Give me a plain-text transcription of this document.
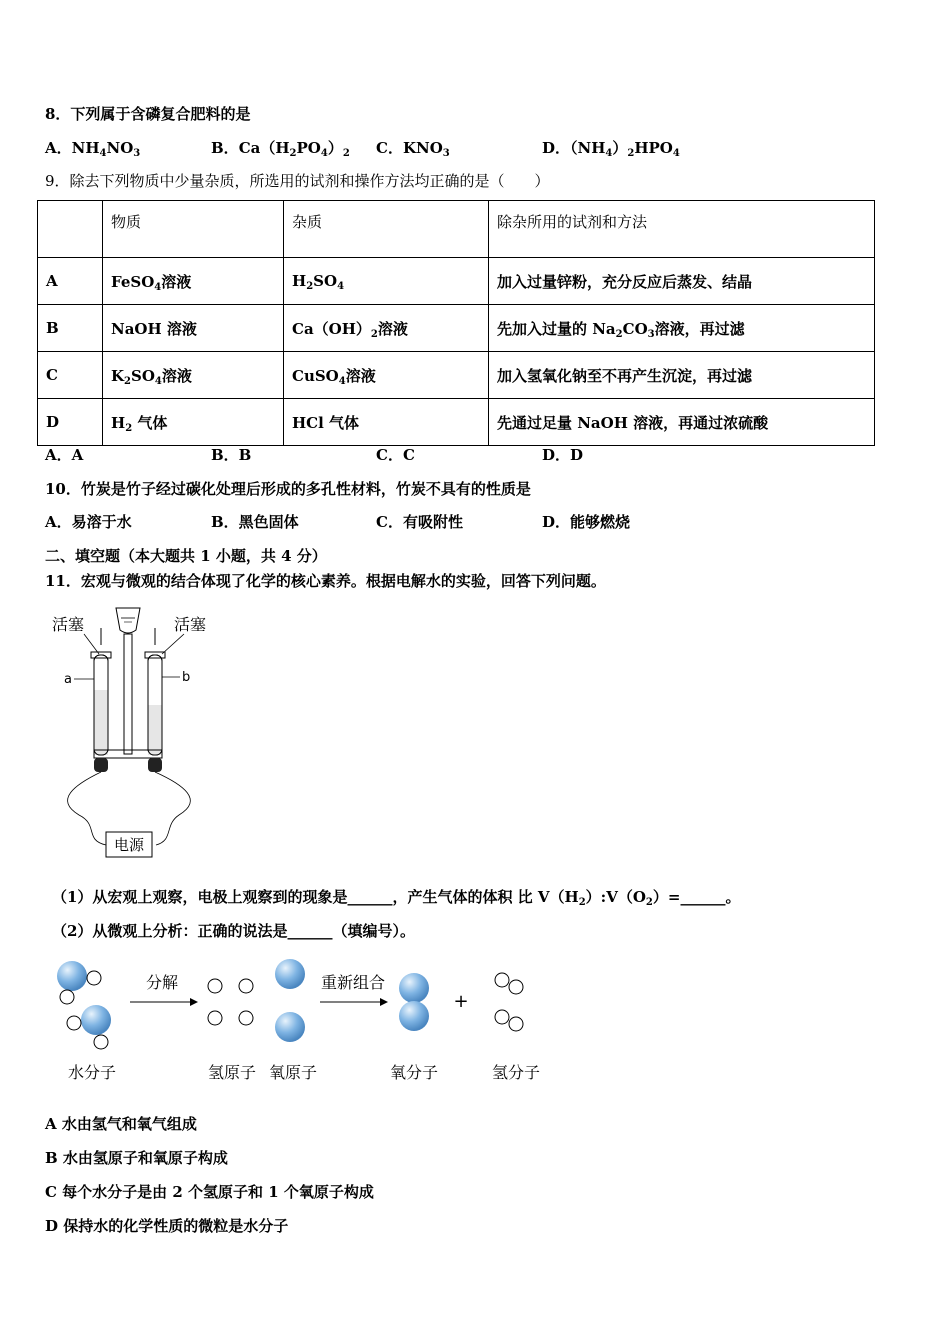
8．下列属于含磷复合肥料的是
A．$NH_4NO_3$	B．$Ca(H_2PO_4)_2$ C．$KNO_3$	D．$(NH_4)_2HPO_4$
9．除去下列物质中少量杂质，所选用的试剂和操作方法均正确的是（　　）
	物质	杂质	除杂所用的试剂和方法
A	FeSO$_4$溶液	$H_2SO_4$	加入过量锌粉，充分反应后蒸发、结晶
B	NaOH 溶液	$Ca(OH)_2$溶液	先加入过量的 $Na_2CO_3$溶液，再过滤
C	$K_2SO_4$溶液	CuSO$_4$溶液	加入氢氧化钠至不再产生沉淀，再过滤
D	$H_2$ 气体	HCl 气体	先通过足量 NaOH 溶液，再通过浓硫酸
A．A	B．B	C．C	D．D
10．竹炭是竹子经过碳化处理后形成的多孔性材料，竹炭不具有的性质是
A．易溶于水	B．黑色固体	C．有吸附性	D．能够燃烧
二、填空题（本大题共 1 小题，共 4 分）
11．宏观与微观的结合体现了化学的核心素养。根据电解水的实验，回答下列问题。
活塞	活塞
a	b
电源
（1）从宏观上观察，电极上观察到的现象是______，产生气体的体积 比 $V(H_2):V(O_2)=\_\_\_\_\_\_$。
（2）从微观上分析：正确的说法是______（填编号）。
分解	重新组合
+
水分子	氢原子 氧原子	氧分子	氢分子
A 水由氢气和氧气组成
B 水由氢原子和氧原子构成
C 每个水分子是由 2 个氢原子和 1 个氧原子构成
D 保持水的化学性质的微粒是水分子
